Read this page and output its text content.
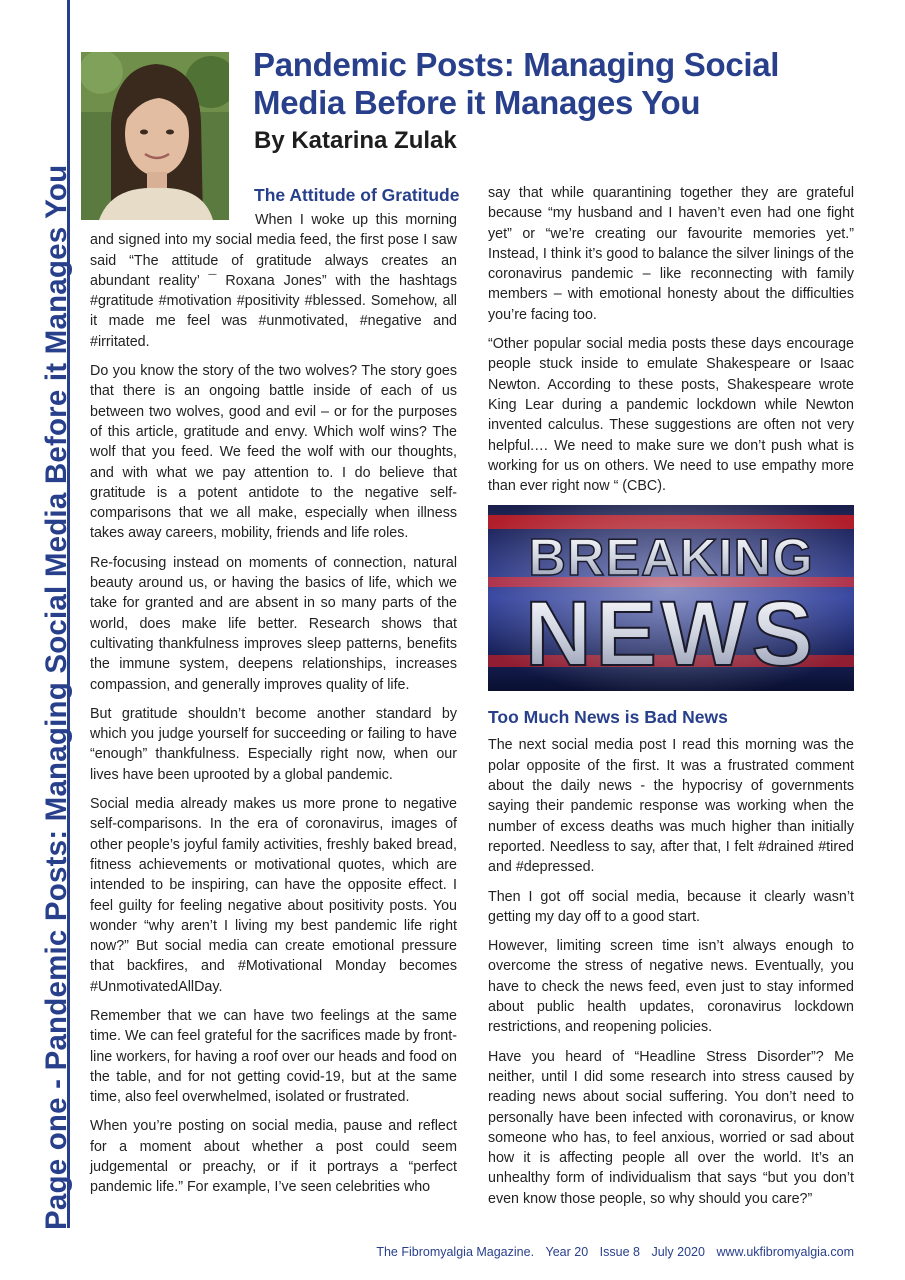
Page one - Pandemic Posts: Managing Social Media Before it Manages You
Pandemic Posts: Managing Social Media Before it Manages You
By Katarina Zulak
The Attitude of Gratitude

When I woke up this morning and signed into my social media feed, the first pose I saw said “The attitude of gratitude always creates an abundant reality’ ¯ Roxana Jones” with the hashtags #gratitude #motivation #positivity #blessed. Somehow, all it made me feel was #unmotivated, #negative and #irritated.

Do you know the story of the two wolves? The story goes that there is an ongoing battle inside of each of us between two wolves, good and evil – or for the purposes of this article, gratitude and envy. Which wolf wins? The wolf that you feed. We feed the wolf with our thoughts, and with what we pay attention to. I do believe that gratitude is a potent antidote to the negative self-comparisons that we all make, especially when illness takes away careers, mobility, friends and life roles.

Re-focusing instead on moments of connection, natural beauty around us, or having the basics of life, which we take for granted and are absent in so many parts of the world, does make life better. Research shows that cultivating thankfulness improves sleep patterns, benefits the immune system, deepens relationships, increases compassion, and generally improves quality of life.

But gratitude shouldn’t become another standard by which you judge yourself for succeeding or failing to have “enough” thankfulness. Especially right now, when our lives have been uprooted by a global pandemic.

Social media already makes us more prone to negative self-comparisons. In the era of coronavirus, images of other people’s joyful family activities, freshly baked bread, fitness achievements or motivational quotes, which are intended to be inspiring, can have the opposite effect. I feel guilty for feeling negative about positivity posts. You wonder “why aren’t I living my best pandemic life right now?” But social media can create emotional pressure that backfires, and #Motivational Monday becomes #UnmotivatedAllDay.

Remember that we can have two feelings at the same time. We can feel grateful for the sacrifices made by front-line workers, for having a roof over our heads and food on the table, and for not getting covid-19, but at the same time, also feel overwhelmed, isolated or frustrated.

When you’re posting on social media, pause and reflect for a moment about whether a post could seem judgemental or preachy, or if it portrays a “perfect pandemic life.” For example, I’ve seen celebrities who

say that while quarantining together they are grateful because “my husband and I haven’t even had one fight yet” or “we’re creating our favourite memories yet.” Instead, I think it’s good to balance the silver linings of the coronavirus pandemic – like reconnecting with family members – with emotional honesty about the difficulties you’re facing too.

“Other popular social media posts these days encourage people stuck inside to emulate Shakespeare or Isaac Newton. According to these posts, Shakespeare wrote King Lear during a pandemic lockdown while Newton invented calculus. These suggestions are often not very helpful.… We need to make sure we don’t push what is working for us on others. We need to use empathy more than ever right now “ (CBC).

BREAKING
NEWS
Too Much News is Bad News

The next social media post I read this morning was the polar opposite of the first. It was a frustrated comment about the daily news - the hypocrisy of governments saying their pandemic response was working when the number of excess deaths was much higher than initially reported. Needless to say, after that, I felt #drained #tired and #depressed.

Then I got off social media, because it clearly wasn’t getting my day off to a good start.

However, limiting screen time isn’t always enough to overcome the stress of negative news. Eventually, you have to check the news feed, even just to stay informed about public health updates, coronavirus lockdown restrictions, and reopening policies.

Have you heard of “Headline Stress Disorder”? Me neither, until I did some research into stress caused by reading news about social suffering. You don’t need to personally have been infected with coronavirus, or know someone who has, to feel anxious, worried or sad about how it is affecting people all over the world. It’s an unhealthy form of individualism that says “but you don’t even know those people, so why should you care?”

The Fibromyalgia Magazine. Year 20 Issue 8 July 2020 www.ukfibromyalgia.com
